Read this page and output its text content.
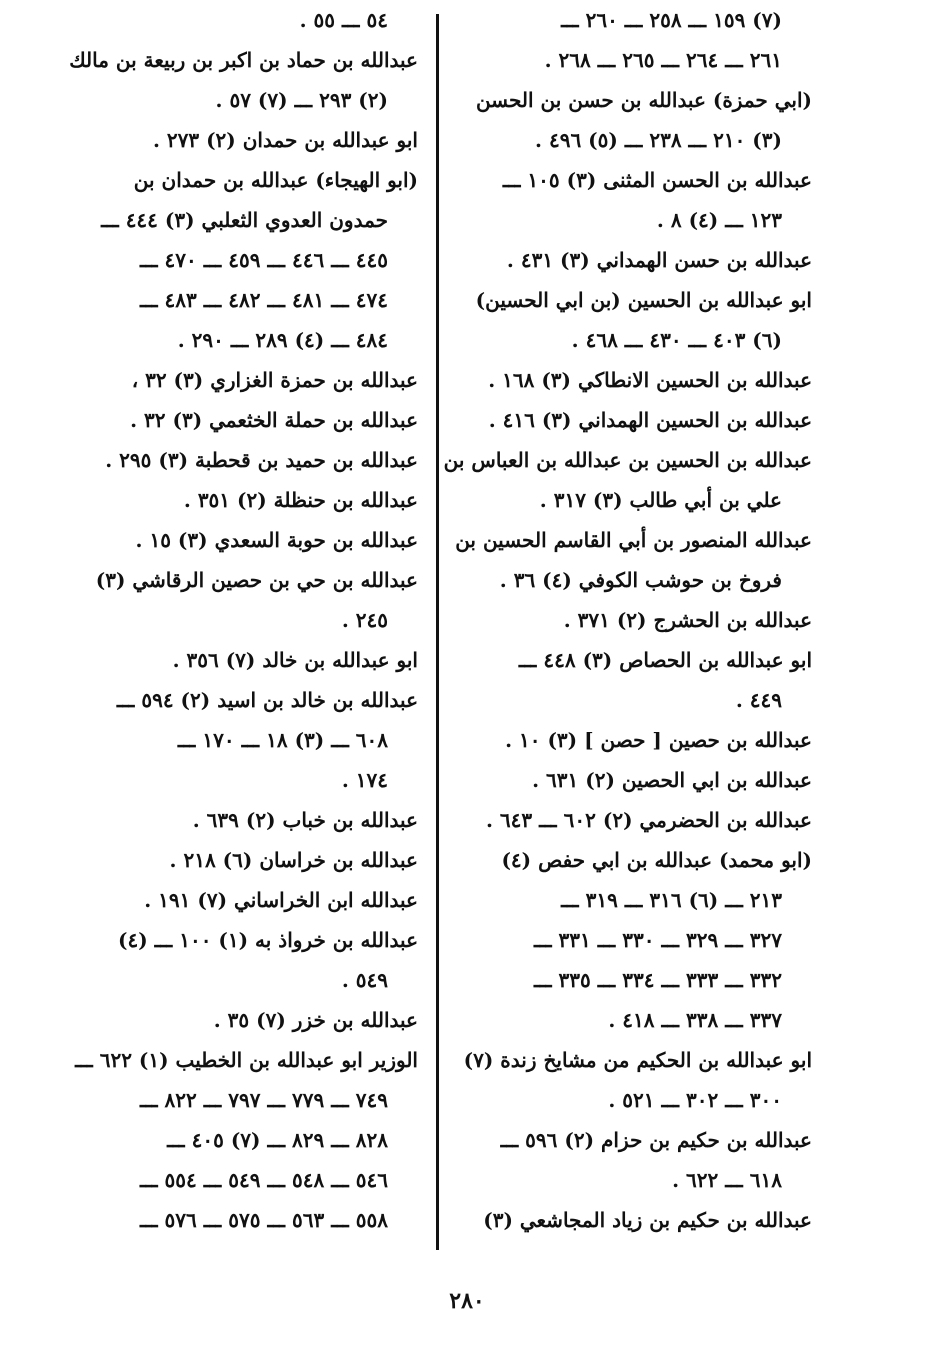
(٧) ١٥٩ ـــ ٢٥٨ ـــ ٢٦٠ ـــ
٢٦١ ـــ ٢٦٤ ـــ ٢٦٥ ـــ ٢٦٨ .
(ابي حمزة) عبدالله بن حسن بن الحسن
(٣) ٢١٠ ـــ ٢٣٨ ـــ (٥) ٤٩٦ .
عبدالله بن الحسن المثنى (٣) ١٠٥ ـــ
١٢٣ ـــ (٤) ٨ .
عبدالله بن حسن الهمداني (٣) ٤٣١ .
ابو عبدالله بن الحسين (بن ابي الحسين)
(٦) ٤٠٣ ـــ ٤٣٠ ـــ ٤٦٨ .
عبدالله بن الحسين الانطاكي (٣) ١٦٨ .
عبدالله بن الحسين الهمداني (٣) ٤١٦ .
عبدالله بن الحسين بن عبدالله بن العباس بن
علي بن أبي طالب (٣) ٣١٧ .
عبدالله المنصور بن أبي القاسم الحسين بن
فروخ بن حوشب الكوفي (٤) ٣٦ .
عبدالله بن الحشرج (٢) ٣٧١ .
ابو عبدالله بن الحصاص (٣) ٤٤٨ ـــ
٤٤٩ .
عبدالله بن حصين [ حصن ] (٣) ١٠ .
عبدالله بن ابي الحصين (٢) ٦٣١ .
عبدالله بن الحضرمي (٢) ٦٠٢ ـــ ٦٤٣ .
(ابو محمد) عبدالله بن ابي حفص (٤)
٢١٣ ـــ (٦) ٣١٦ ـــ ٣١٩ ـــ
٣٢٧ ـــ ٣٢٩ ـــ ٣٣٠ ـــ ٣٣١ ـــ
٣٣٢ ـــ ٣٣٣ ـــ ٣٣٤ ـــ ٣٣٥ ـــ
٣٣٧ ـــ ٣٣٨ ـــ ٤١٨ .
ابو عبدالله بن الحكيم من مشايخ زندة (٧)
٣٠٠ ـــ ٣٠٢ ـــ ٥٢١ .
عبدالله بن حكيم بن حزام (٢) ٥٩٦ ـــ
٦١٨ ـــ ٦٢٢ .
عبدالله بن حكيم بن زياد المجاشعي (٣)
٥٤ ـــ ٥٥ .
عبدالله بن حماد بن اكبر بن ربيعة بن مالك
(٢) ٢٩٣ ـــ (٧) ٥٧ .
ابو عبدالله بن حمدان (٢) ٢٧٣ .
(ابو الهيجاء) عبدالله بن حمدان بن
حمدون العدوي الثعلبي (٣) ٤٤٤ ـــ
٤٤٥ ـــ ٤٤٦ ـــ ٤٥٩ ـــ ٤٧٠ ـــ
٤٧٤ ـــ ٤٨١ ـــ ٤٨٢ ـــ ٤٨٣ ـــ
٤٨٤ ـــ (٤) ٢٨٩ ـــ ٢٩٠ .
عبدالله بن حمزة الغزاري (٣) ٣٢ ،
عبدالله بن حملة الخثعمي (٣) ٣٢ .
عبدالله بن حميد بن قحطبة (٣) ٢٩٥ .
عبدالله بن حنظلة (٢) ٣٥١ .
عبدالله بن حوبة السعدي (٣) ١٥ .
عبدالله بن حي بن حصين الرقاشي (٣)
٢٤٥ .
ابو عبدالله بن خالد (٧) ٣٥٦ .
عبدالله بن خالد بن اسيد (٢) ٥٩٤ ـــ
٦٠٨ ـــ (٣) ١٨ ـــ ١٧٠ ـــ
١٧٤ .
عبدالله بن خباب (٢) ٦٣٩ .
عبدالله بن خراسان (٦) ٢١٨ .
عبدالله ابن الخراساني (٧) ١٩١ .
عبدالله بن خرواذ به (١) ١٠٠ ـــ (٤)
٥٤٩ .
عبدالله بن خزر (٧) ٣٥ .
الوزير ابو عبدالله بن الخطيب (١) ٦٢٢ ـــ
٧٤٩ ـــ ٧٧٩ ـــ ٧٩٧ ـــ ٨٢٢ ـــ
٨٢٨ ـــ ٨٢٩ ـــ (٧) ٤٠٥ ـــ
٥٤٦ ـــ ٥٤٨ ـــ ٥٤٩ ـــ ٥٥٤ ـــ
٥٥٨ ـــ ٥٦٣ ـــ ٥٧٥ ـــ ٥٧٦ ـــ
٢٨٠
